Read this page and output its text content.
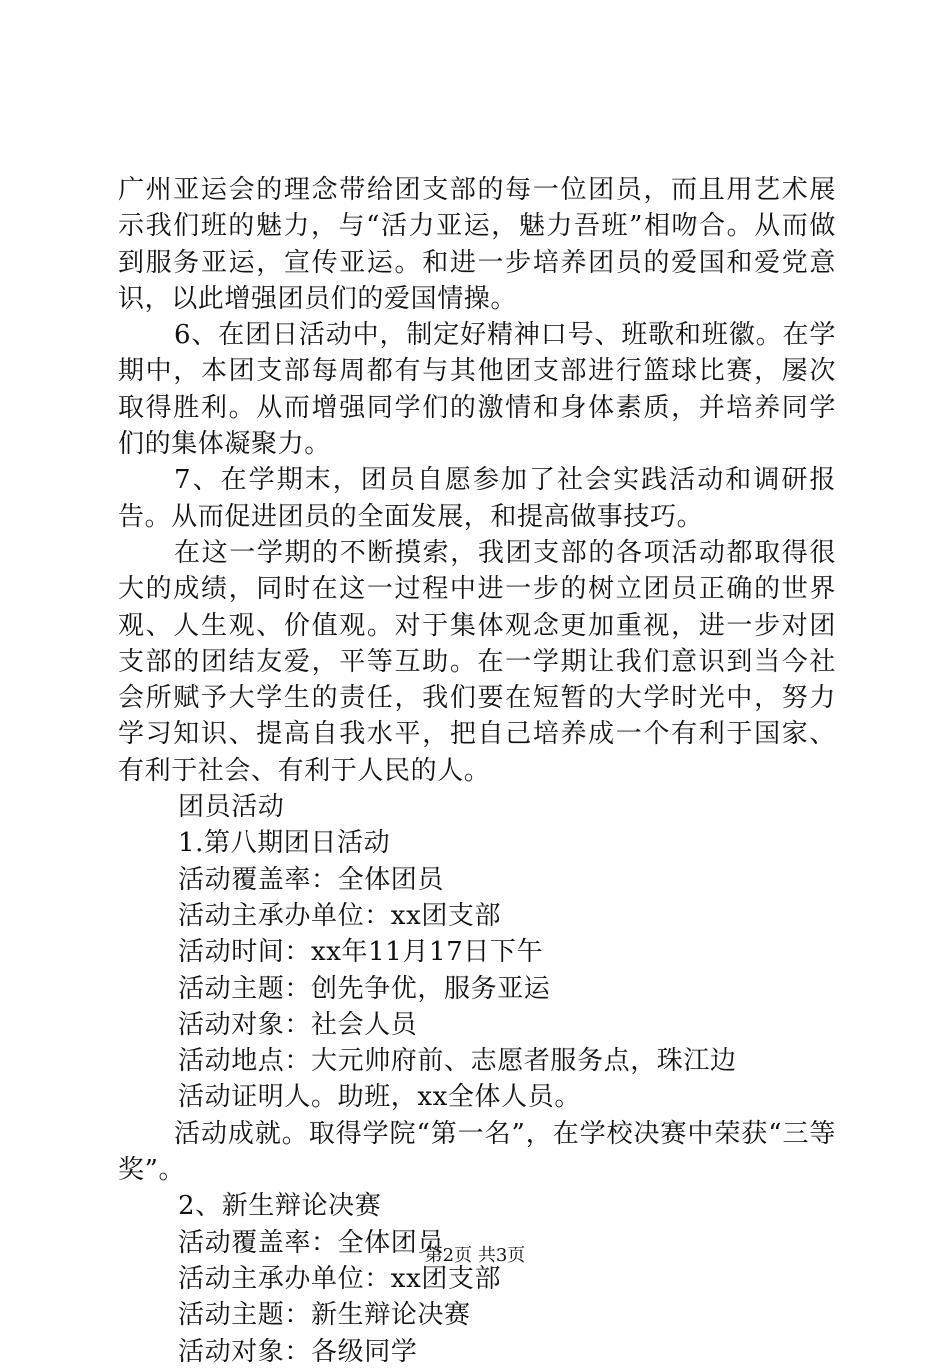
广州亚运会的理念带给团支部的每一位团员，而且用艺术展示我们班的魅力，与“活力亚运，魅力吾班”相吻合。从而做到服务亚运，宣传亚运。和进一步培养团员的爱国和爱党意识，以此增强团员们的爱国情操。

6、在团日活动中，制定好精神口号、班歌和班徽。在学期中，本团支部每周都有与其他团支部进行篮球比赛，屡次取得胜利。从而增强同学们的激情和身体素质，并培养同学们的集体凝聚力。

7、在学期末，团员自愿参加了社会实践活动和调研报告。从而促进团员的全面发展，和提高做事技巧。

在这一学期的不断摸索，我团支部的各项活动都取得很大的成绩，同时在这一过程中进一步的树立团员正确的世界观、人生观、价值观。对于集体观念更加重视，进一步对团支部的团结友爱，平等互助。在一学期让我们意识到当今社会所赋予大学生的责任，我们要在短暂的大学时光中，努力学习知识、提高自我水平，把自己培养成一个有利于国家、有利于社会、有利于人民的人。

团员活动

1.第八期团日活动

活动覆盖率：全体团员

活动主承办单位：xx团支部

活动时间：xx年11月17日下午

活动主题：创先争优，服务亚运

活动对象：社会人员

活动地点：大元帅府前、志愿者服务点，珠江边

活动证明人。助班，xx全体人员。

活动成就。取得学院“第一名”，在学校决赛中荣获“三等奖”。

2、新生辩论决赛

活动覆盖率：全体团员

活动主承办单位：xx团支部

活动主题：新生辩论决赛

活动对象：各级同学

第2页 共3页
